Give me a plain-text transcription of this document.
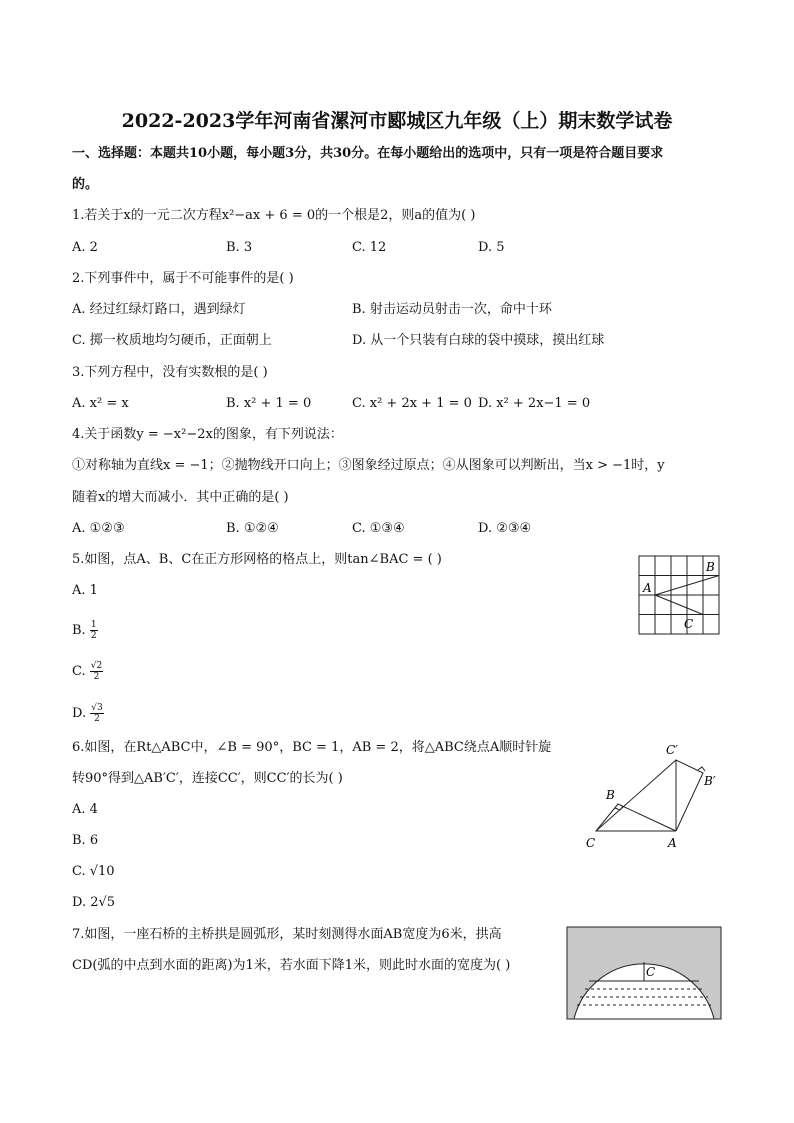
2022-2023学年河南省漯河市郾城区九年级（上）期末数学试卷
一、选择题：本题共10小题，每小题3分，共30分。在每小题给出的选项中，只有一项是符合题目要求
的。
1.若关于x的一元二次方程x²−ax + 6 = 0的一个根是2，则a的值为( )
A. 2	B. 3	C. 12	D. 5
2.下列事件中，属于不可能事件的是( )
A. 经过红绿灯路口，遇到绿灯	B. 射击运动员射击一次，命中十环
C. 掷一枚质地均匀硬币，正面朝上	D. 从一个只装有白球的袋中摸球，摸出红球
3.下列方程中，没有实数根的是( )
A. x² = x	B. x² + 1 = 0	C. x² + 2x + 1 = 0 D. x² + 2x−1 = 0
4.关于函数y = −x²−2x的图象，有下列说法：
①对称轴为直线x = −1；②抛物线开口向上；③图象经过原点；④从图象可以判断出，当x > −1时，y
随着x的增大而减小．其中正确的是( )
A. ①②③	B. ①②④	C. ①③④	D. ②③④
5.如图，点A、B、C在正方形网格的格点上，则tan∠BAC = ( )
A. 1
B. $\frac{1}{2}$
C. $\frac{√2}{2}$
D. $\frac{√3}{2}$
A
B
C
6.如图，在Rt△ABC中，∠B = 90°，BC = 1，AB = 2，将△ABC绕点A顺时针旋
转90°得到△AB′C′，连接CC′，则CC′的长为( )
A. 4
B. 6
C. √10
D. 2√5
C′
B′
B
C	A
7.如图，一座石桥的主桥拱是圆弧形，某时刻测得水面AB宽度为6米，拱高
CD(弧的中点到水面的距离)为1米，若水面下降1米，则此时水面的宽度为( )	C
